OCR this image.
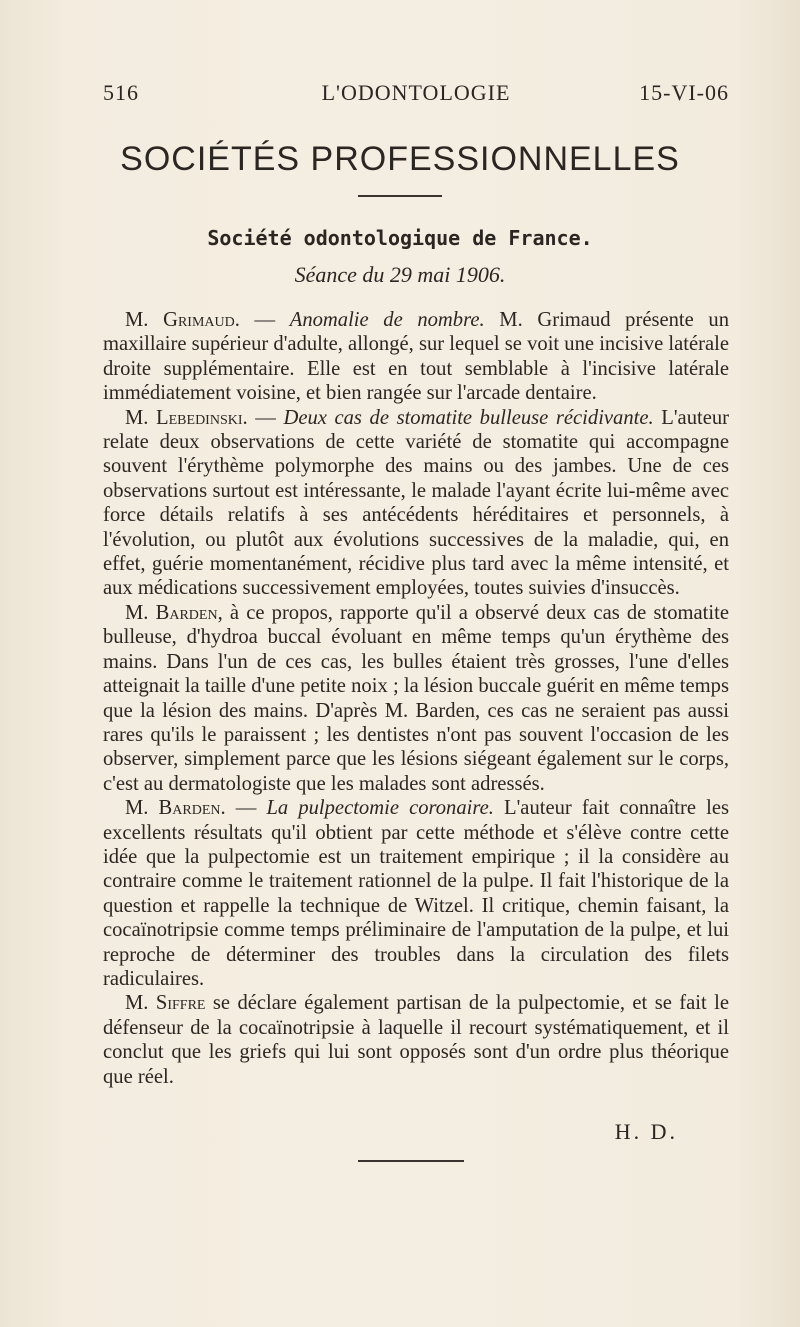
516	L'ODONTOLOGIE	15-VI-06
SOCIÉTÉS PROFESSIONNELLES
Société odontologique de France.
Séance du 29 mai 1906.

M. Grimaud. — Anomalie de nombre. M. Grimaud présente un maxillaire supérieur d'adulte, allongé, sur lequel se voit une incisive latérale droite supplémentaire. Elle est en tout semblable à l'incisive latérale immédiatement voisine, et bien rangée sur l'arcade dentaire.

M. Lebedinski. — Deux cas de stomatite bulleuse récidivante. L'auteur relate deux observations de cette variété de stomatite qui accompagne souvent l'érythème polymorphe des mains ou des jambes. Une de ces observations surtout est intéressante, le malade l'ayant écrite lui-même avec force détails relatifs à ses antécédents héréditaires et personnels, à l'évolution, ou plutôt aux évolutions successives de la maladie, qui, en effet, guérie momentanément, récidive plus tard avec la même intensité, et aux médications successivement employées, toutes suivies d'insuccès.

M. Barden, à ce propos, rapporte qu'il a observé deux cas de stomatite bulleuse, d'hydroa buccal évoluant en même temps qu'un érythème des mains. Dans l'un de ces cas, les bulles étaient très grosses, l'une d'elles atteignait la taille d'une petite noix ; la lésion buccale guérit en même temps que la lésion des mains. D'après M. Barden, ces cas ne seraient pas aussi rares qu'ils le paraissent ; les dentistes n'ont pas souvent l'occasion de les observer, simplement parce que les lésions siégeant également sur le corps, c'est au dermatologiste que les malades sont adressés.

M. Barden. — La pulpectomie coronaire. L'auteur fait connaître les excellents résultats qu'il obtient par cette méthode et s'élève contre cette idée que la pulpectomie est un traitement empirique ; il la considère au contraire comme le traitement rationnel de la pulpe. Il fait l'historique de la question et rappelle la technique de Witzel. Il critique, chemin faisant, la cocaïnotripsie comme temps préliminaire de l'amputation de la pulpe, et lui reproche de déterminer des troubles dans la circulation des filets radiculaires.

M. Siffre se déclare également partisan de la pulpectomie, et se fait le défenseur de la cocaïnotripsie à laquelle il recourt systématiquement, et il conclut que les griefs qui lui sont opposés sont d'un ordre plus théorique que réel.

H. D.
